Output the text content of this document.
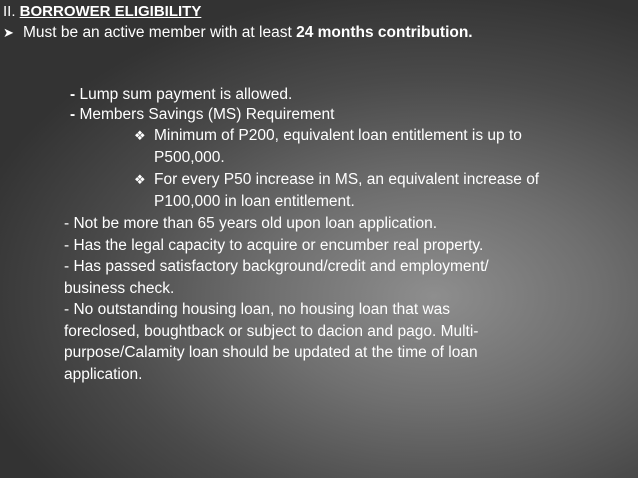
II. BORROWER ELIGIBILITY
➤ Must be an active member with at least 24 months contribution.
- Lump sum payment is allowed.
- Members Savings (MS) Requirement
❖ Minimum of P200, equivalent loan entitlement is up to
P500,000.
❖ For every P50 increase in MS, an equivalent increase of
P100,000 in loan entitlement.
- Not be more than 65 years old upon loan application.
- Has the legal capacity to acquire or encumber real property.
- Has passed satisfactory background/credit and employment/
business check.
- No outstanding housing loan, no housing loan that was
foreclosed, boughtback or subject to dacion and pago. Multi-
purpose/Calamity loan should be updated at the time of loan
application.
